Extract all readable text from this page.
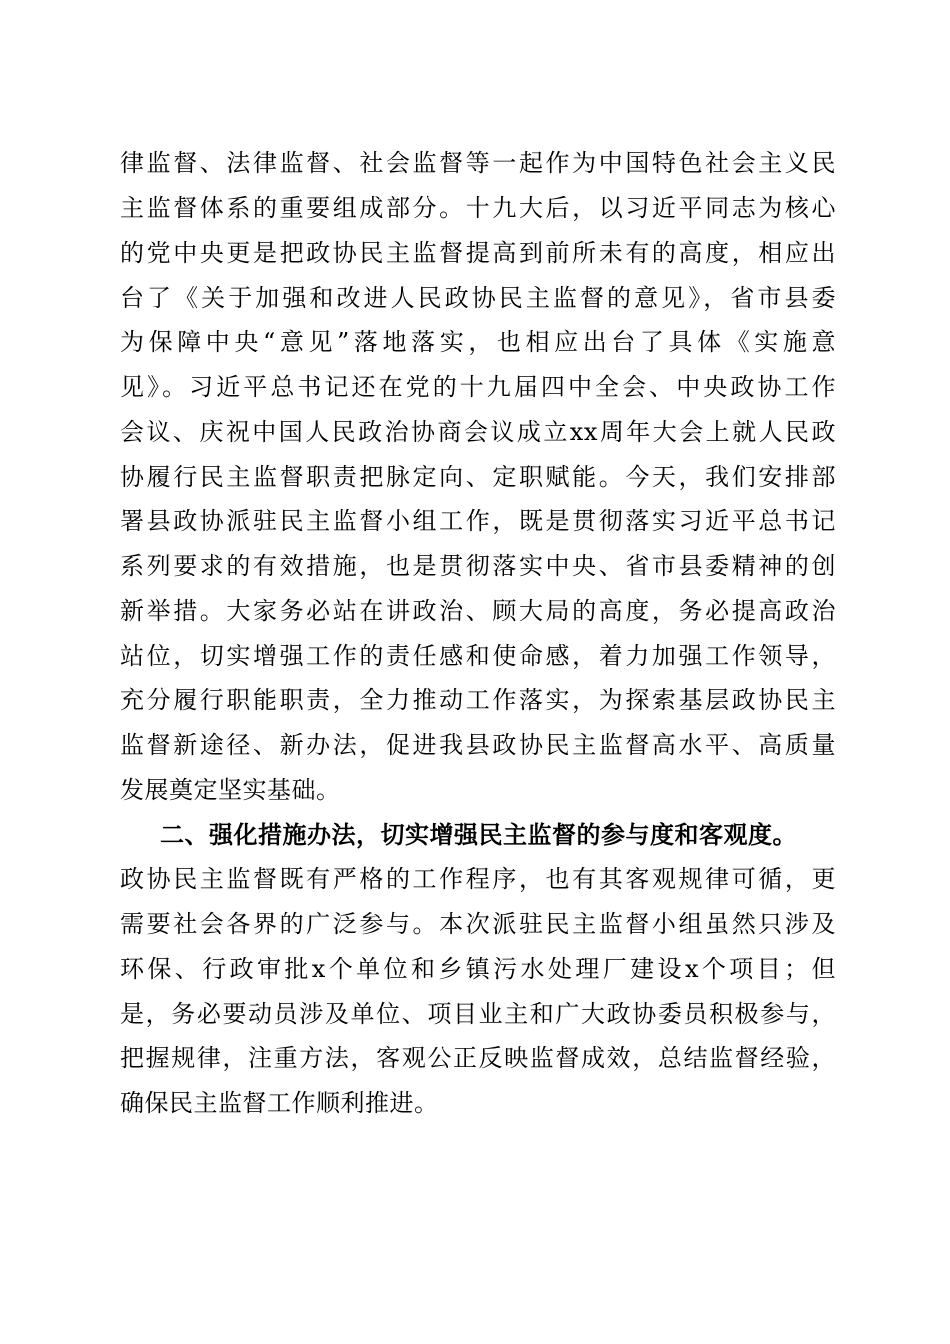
律监督、法律监督、社会监督等一起作为中国特色社会主义民
主监督体系的重要组成部分。十九大后，以习近平同志为核心
的党中央更是把政协民主监督提高到前所未有的高度，相应出
台了《关于加强和改进人民政协民主监督的意见》，省市县委
为保障中央“意见”落地落实，也相应出台了具体《实施意
见》。习近平总书记还在党的十九届四中全会、中央政协工作
会议、庆祝中国人民政治协商会议成立xx周年大会上就人民政
协履行民主监督职责把脉定向、定职赋能。今天，我们安排部
署县政协派驻民主监督小组工作，既是贯彻落实习近平总书记
系列要求的有效措施，也是贯彻落实中央、省市县委精神的创
新举措。大家务必站在讲政治、顾大局的高度，务必提高政治
站位，切实增强工作的责任感和使命感，着力加强工作领导，
充分履行职能职责，全力推动工作落实，为探索基层政协民主
监督新途径、新办法，促进我县政协民主监督高水平、高质量
发展奠定坚实基础。
二、强化措施办法，切实增强民主监督的参与度和客观度。
政协民主监督既有严格的工作程序，也有其客观规律可循，更
需要社会各界的广泛参与。本次派驻民主监督小组虽然只涉及
环保、行政审批x个单位和乡镇污水处理厂建设x个项目；但
是，务必要动员涉及单位、项目业主和广大政协委员积极参与，
把握规律，注重方法，客观公正反映监督成效，总结监督经验，
确保民主监督工作顺利推进。
